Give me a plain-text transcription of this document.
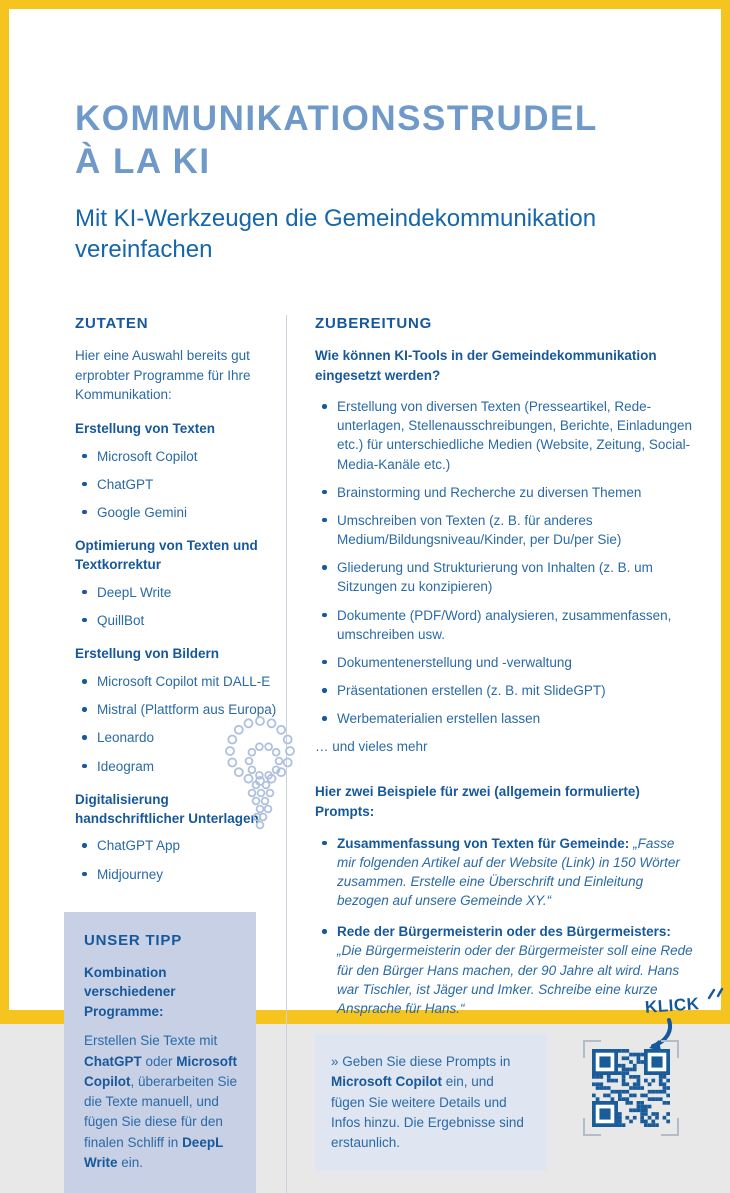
KOMMUNIKATIONSSTRUDEL
À LA KI
Mit KI-Werkzeugen die Gemeindekommunikation vereinfachen
ZUTATEN

Hier eine Auswahl bereits gut erprobter Programme für Ihre Kommunikation:

Erstellung von Texten

Microsoft Copilot
ChatGPT
Google Gemini

Optimierung von Texten und Textkorrektur

DeepL Write
QuillBot

Erstellung von Bildern

Microsoft Copilot mit DALL-E
Mistral (Plattform aus Europa)
Leonardo
Ideogram

Digitalisierung handschriftlicher Unterlagen

ChatGPT App
Midjourney
UNSER TIPP

Kombination verschiedener Programme:

Erstellen Sie Texte mit ChatGPT oder Microsoft Copilot, überarbeiten Sie die Texte manuell, und fügen Sie diese für den finalen Schliff in DeepL Write ein.

ZUBEREITUNG

Wie können KI-Tools in der Gemeindekommunikation eingesetzt werden?

Erstellung von diversen Texten (Presseartikel, Rede-unterlagen, Stellenausschreibungen, Berichte, Einladungen etc.) für unterschiedliche Medien (Website, Zeitung, Social-Media-Kanäle etc.)
Brainstorming und Recherche zu diversen Themen
Umschreiben von Texten (z. B. für anderes Medium/Bildungsniveau/Kinder, per Du/per Sie)
Gliederung und Strukturierung von Inhalten (z. B. um Sitzungen zu konzipieren)
Dokumente (PDF/Word) analysieren, zusammenfassen, umschreiben usw.
Dokumentenerstellung und -verwaltung
Präsentationen erstellen (z. B. mit SlideGPT)
Werbematerialien erstellen lassen

… und vieles mehr

Hier zwei Beispiele für zwei (allgemein formulierte) Prompts:

Zusammenfassung von Texten für Gemeinde: „Fasse mir folgenden Artikel auf der Website (Link) in 150 Wörter zusammen. Erstelle eine Überschrift und Einleitung bezogen auf unsere Gemeinde XY.“
Rede der Bürgermeisterin oder des Bürgermeisters:
„Die Bürgermeisterin oder der Bürgermeister soll eine Rede für den Bürger Hans machen, der 90 Jahre alt wird. Hans war Tischler, ist Jäger und Imker. Schreibe eine kurze Ansprache für Hans.“
» Geben Sie diese Prompts in Microsoft Copilot ein, und fügen Sie weitere Details und Infos hinzu. Die Ergebnisse sind erstaunlich.
KLICK
